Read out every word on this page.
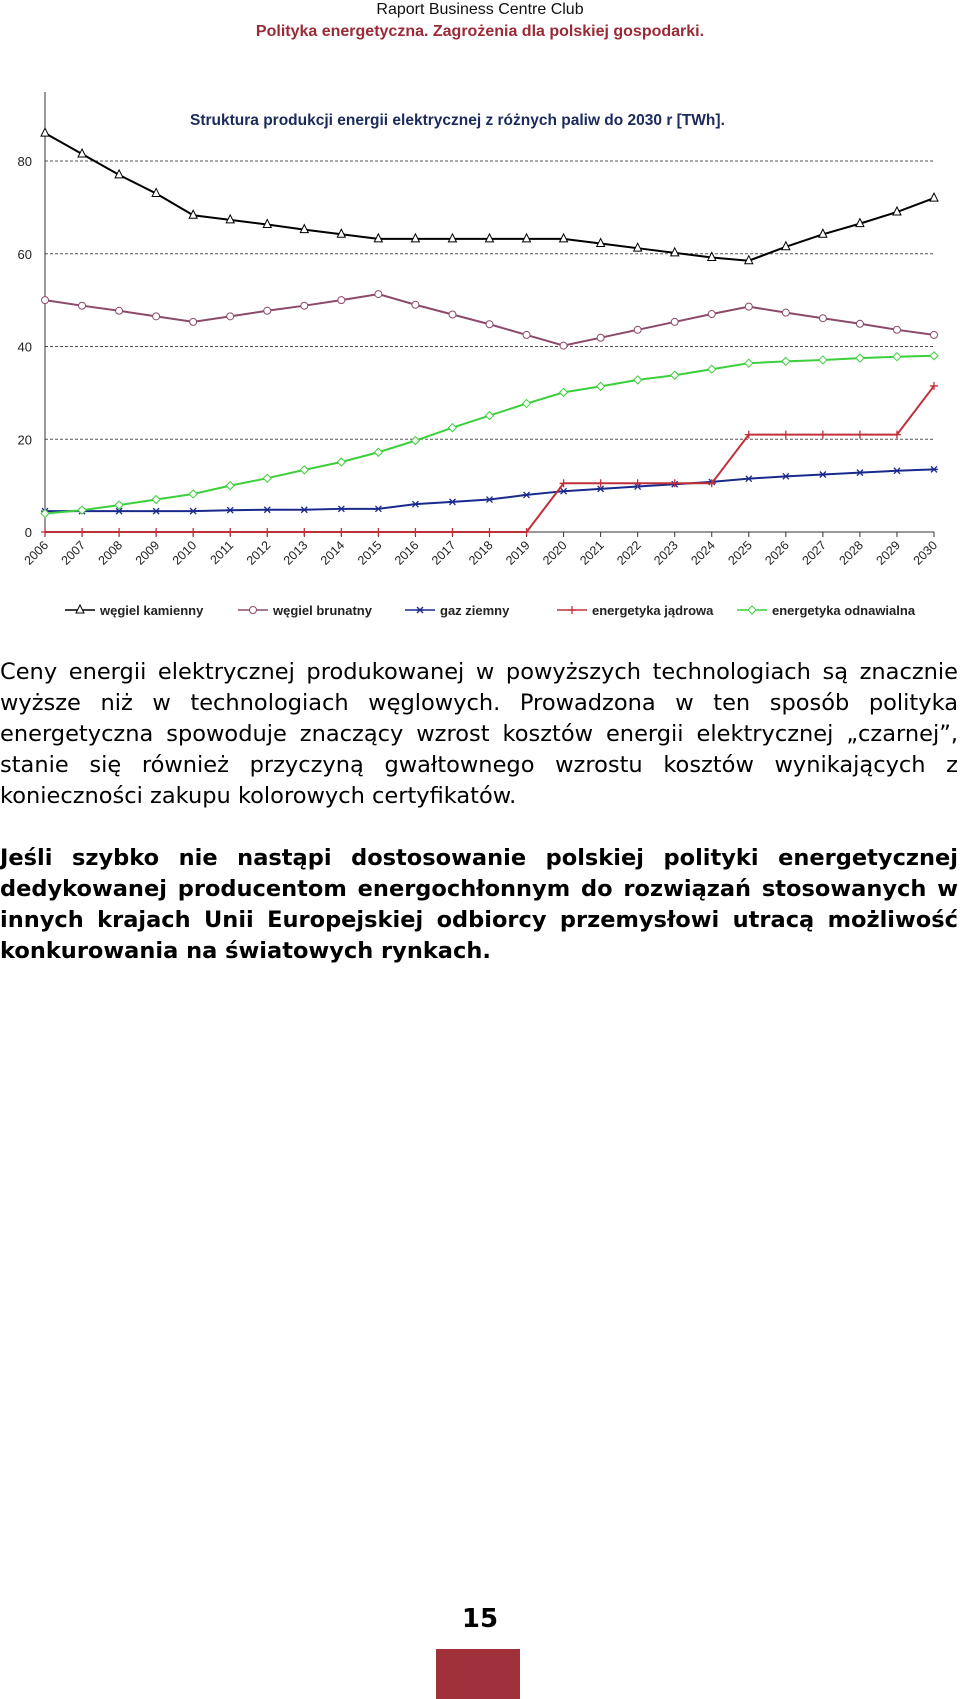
Raport Business Centre Club
Polityka energetyczna. Zagrożenia dla polskiej gospodarki.
Struktura produkcji energii elektrycznej z różnych paliw do 2030 r [TWh].
0
20
40
60
80
2006 2007 2008 2009 2010 2011 2012 2013 2014 2015 2016 2017 2018 2019 2020 2021 2022 2023 2024 2025 2026 2027 2028 2029 2030
węgiel kamienny	węgiel brunatny	gaz ziemny	energetyka jądrowa	energetyka odnawialna

Ceny energii elektrycznej produkowanej w powyższych technologiach są znacznie wyższe niż w technologiach węglowych. Prowadzona w ten sposób polityka energetyczna spowoduje znaczący wzrost kosztów energii elektrycznej „czarnej”, stanie się również przyczyną gwałtownego wzrostu kosztów wynikających z konieczności zakupu kolorowych certyfikatów.

Jeśli szybko nie nastąpi dostosowanie polskiej polityki energetycznej dedykowanej producentom energochłonnym do rozwiązań stosowanych w innych krajach Unii Europejskiej odbiorcy przemysłowi utracą możliwość konkurowania na światowych rynkach.

15
